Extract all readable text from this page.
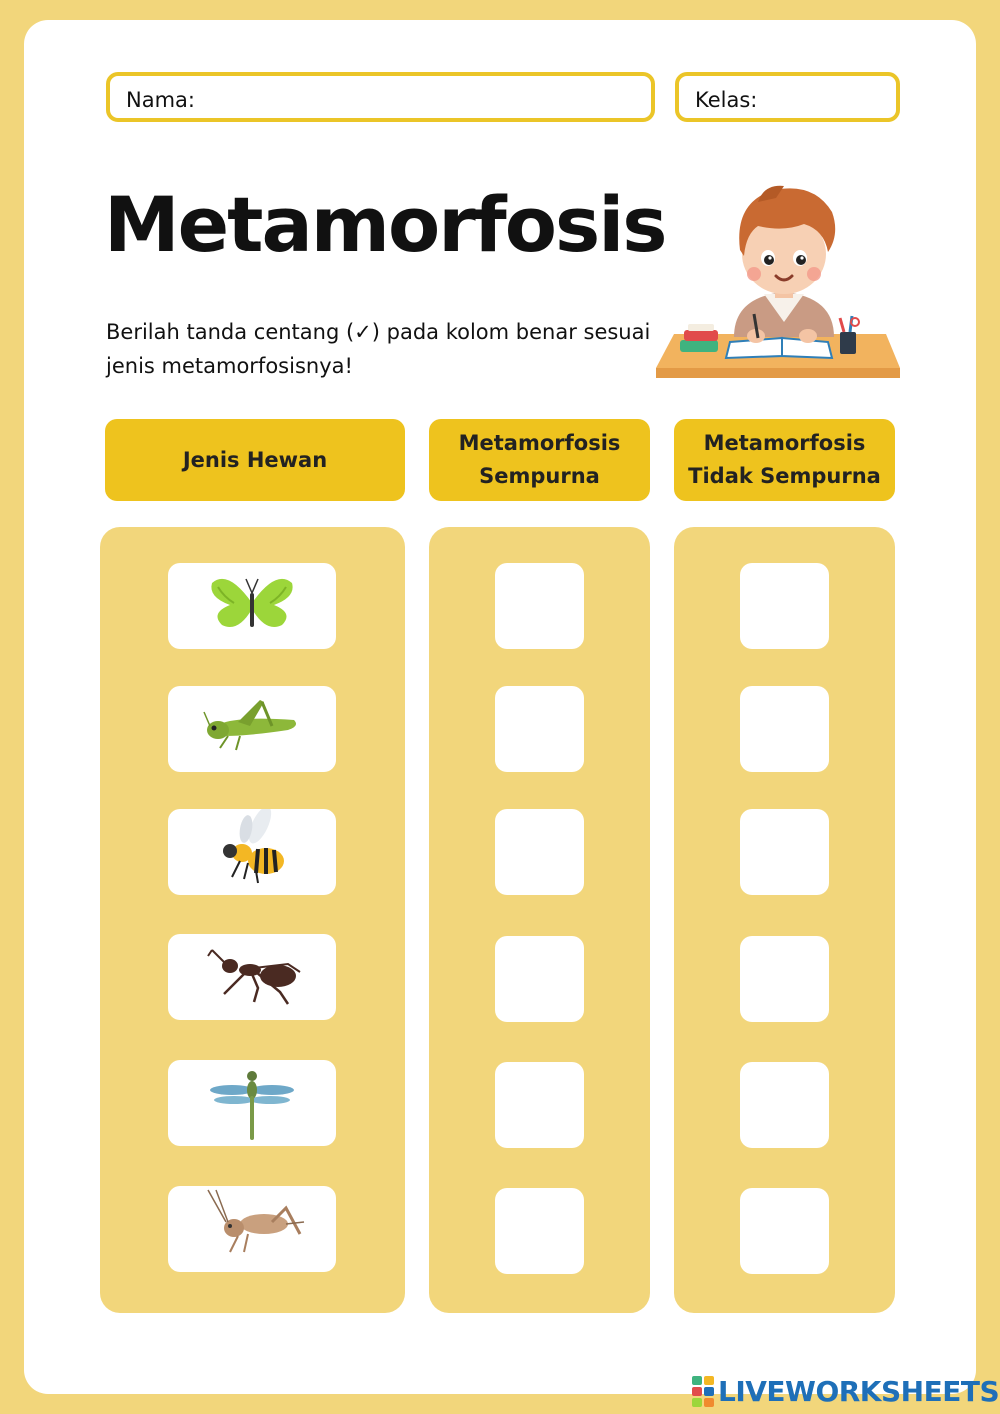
Nama:	Kelas:
Metamorfosis
Berilah tanda centang (✓) pada kolom benar sesuai jenis metamorfosisnya!
Jenis Hewan
Metamorfosis Sempurna
Metamorfosis Tidak Sempurna
LIVEWORKSHEETS
